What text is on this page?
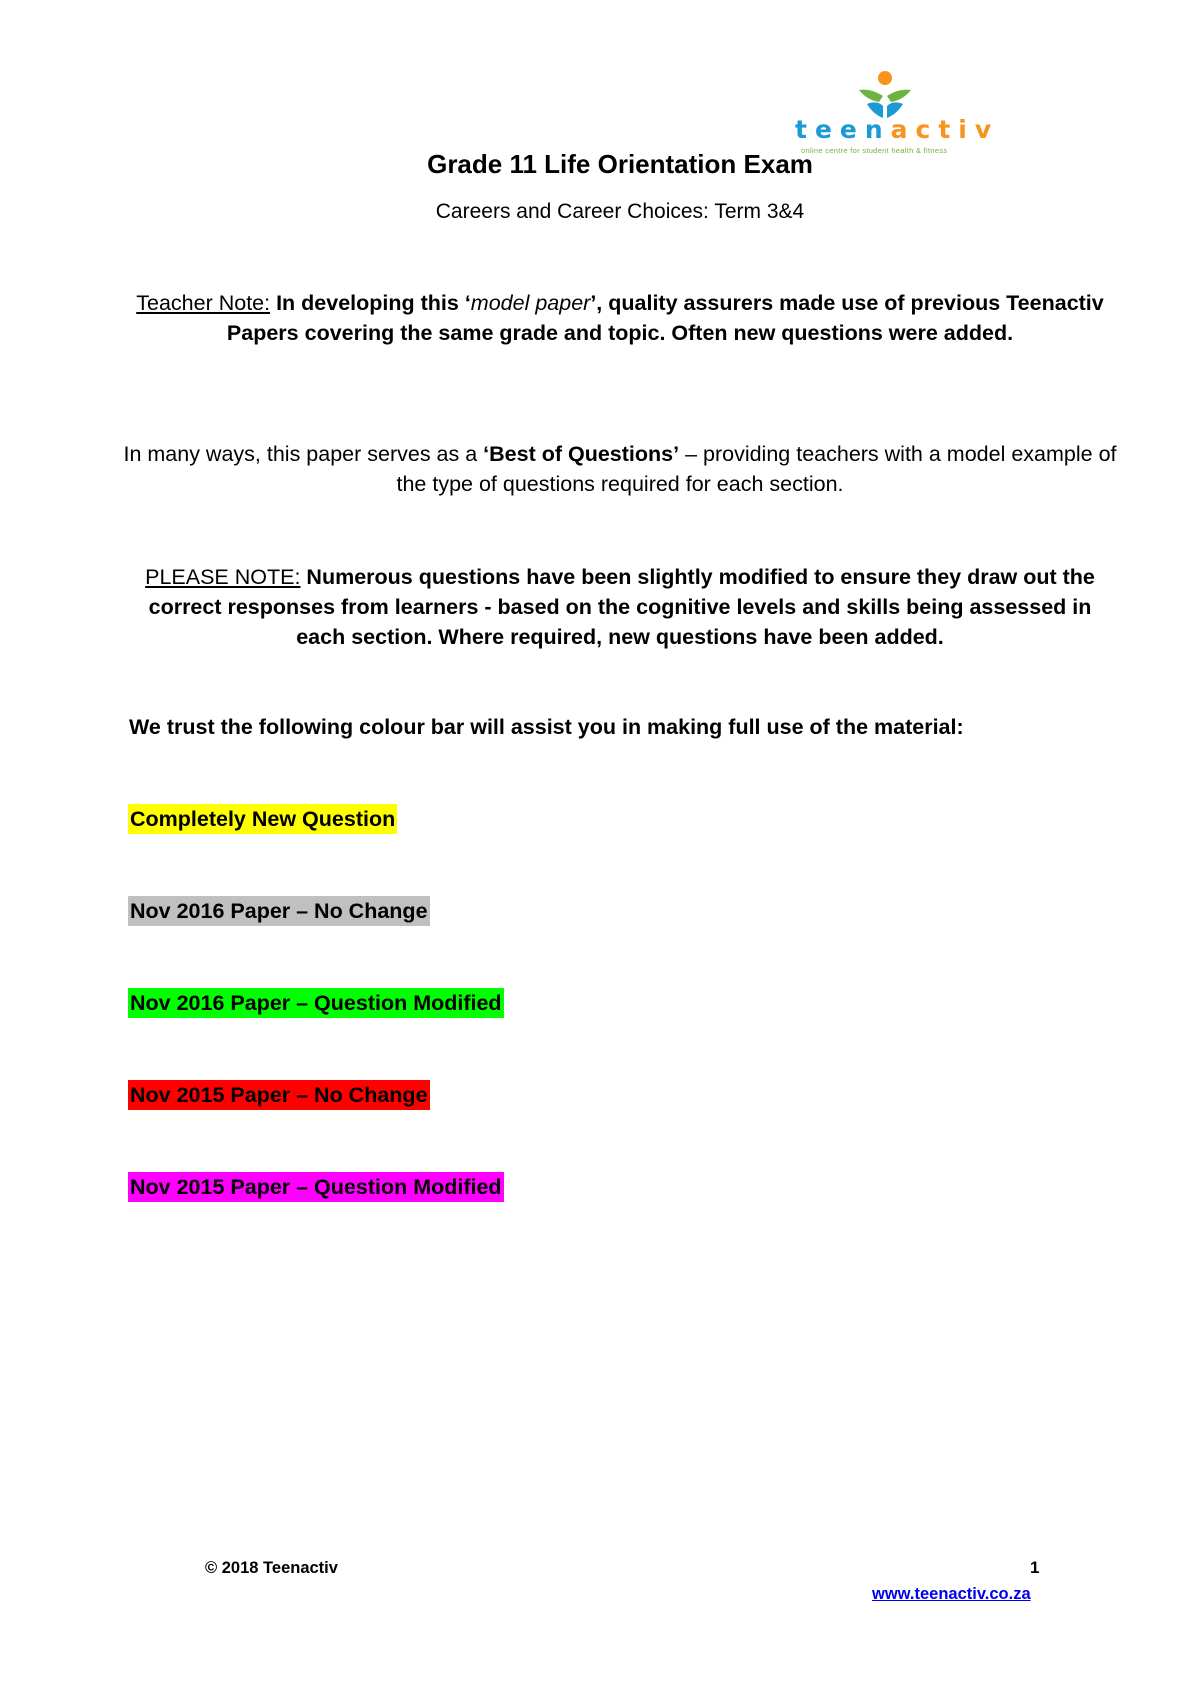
teenactiv
online centre for student health & fitness
Grade 11 Life Orientation Exam
Careers and Career Choices: Term 3&4
Teacher Note: In developing this ‘model paper’, quality assurers made use of previous Teenactiv Papers covering the same grade and topic. Often new questions were added.
In many ways, this paper serves as a ‘Best of Questions’ – providing teachers with a model example of the type of questions required for each section.
PLEASE NOTE: Numerous questions have been slightly modified to ensure they draw out the correct responses from learners - based on the cognitive levels and skills being assessed in each section. Where required, new questions have been added.
We trust the following colour bar will assist you in making full use of the material:
Completely New Question
Nov 2016 Paper – No Change
Nov 2016 Paper – Question Modified
Nov 2015 Paper – No Change
Nov 2015 Paper – Question Modified
© 2018 Teenactiv	1
www.teenactiv.co.za
